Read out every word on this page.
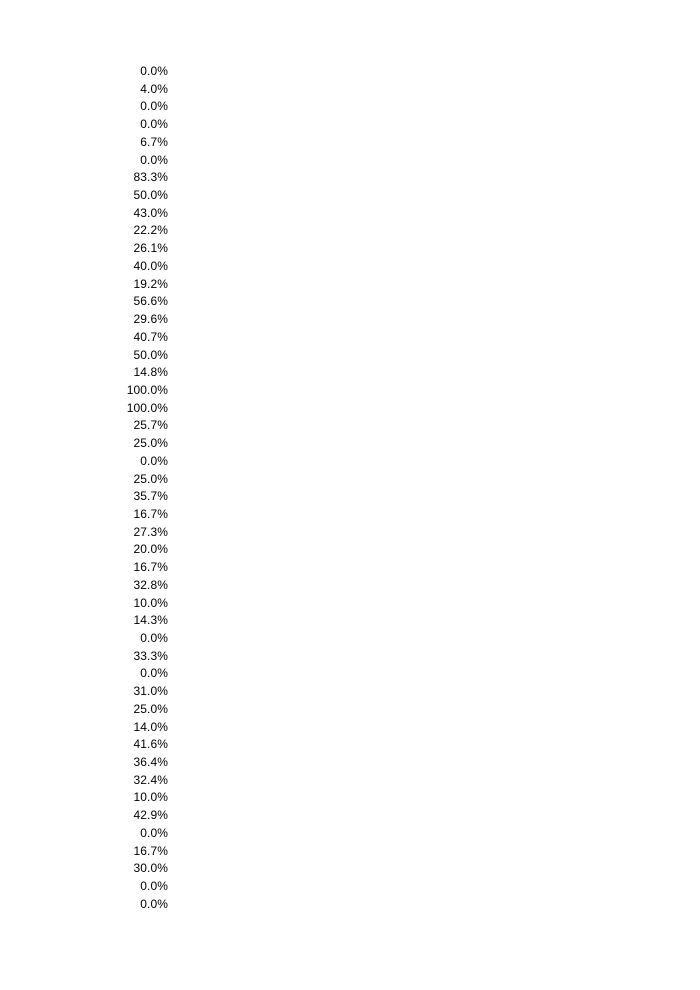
0.0%
4.0%
0.0%
0.0%
6.7%
0.0%
83.3%
50.0%
43.0%
22.2%
26.1%
40.0%
19.2%
56.6%
29.6%
40.7%
50.0%
14.8%
100.0%
100.0%
25.7%
25.0%
0.0%
25.0%
35.7%
16.7%
27.3%
20.0%
16.7%
32.8%
10.0%
14.3%
0.0%
33.3%
0.0%
31.0%
25.0%
14.0%
41.6%
36.4%
32.4%
10.0%
42.9%
0.0%
16.7%
30.0%
0.0%
0.0%
